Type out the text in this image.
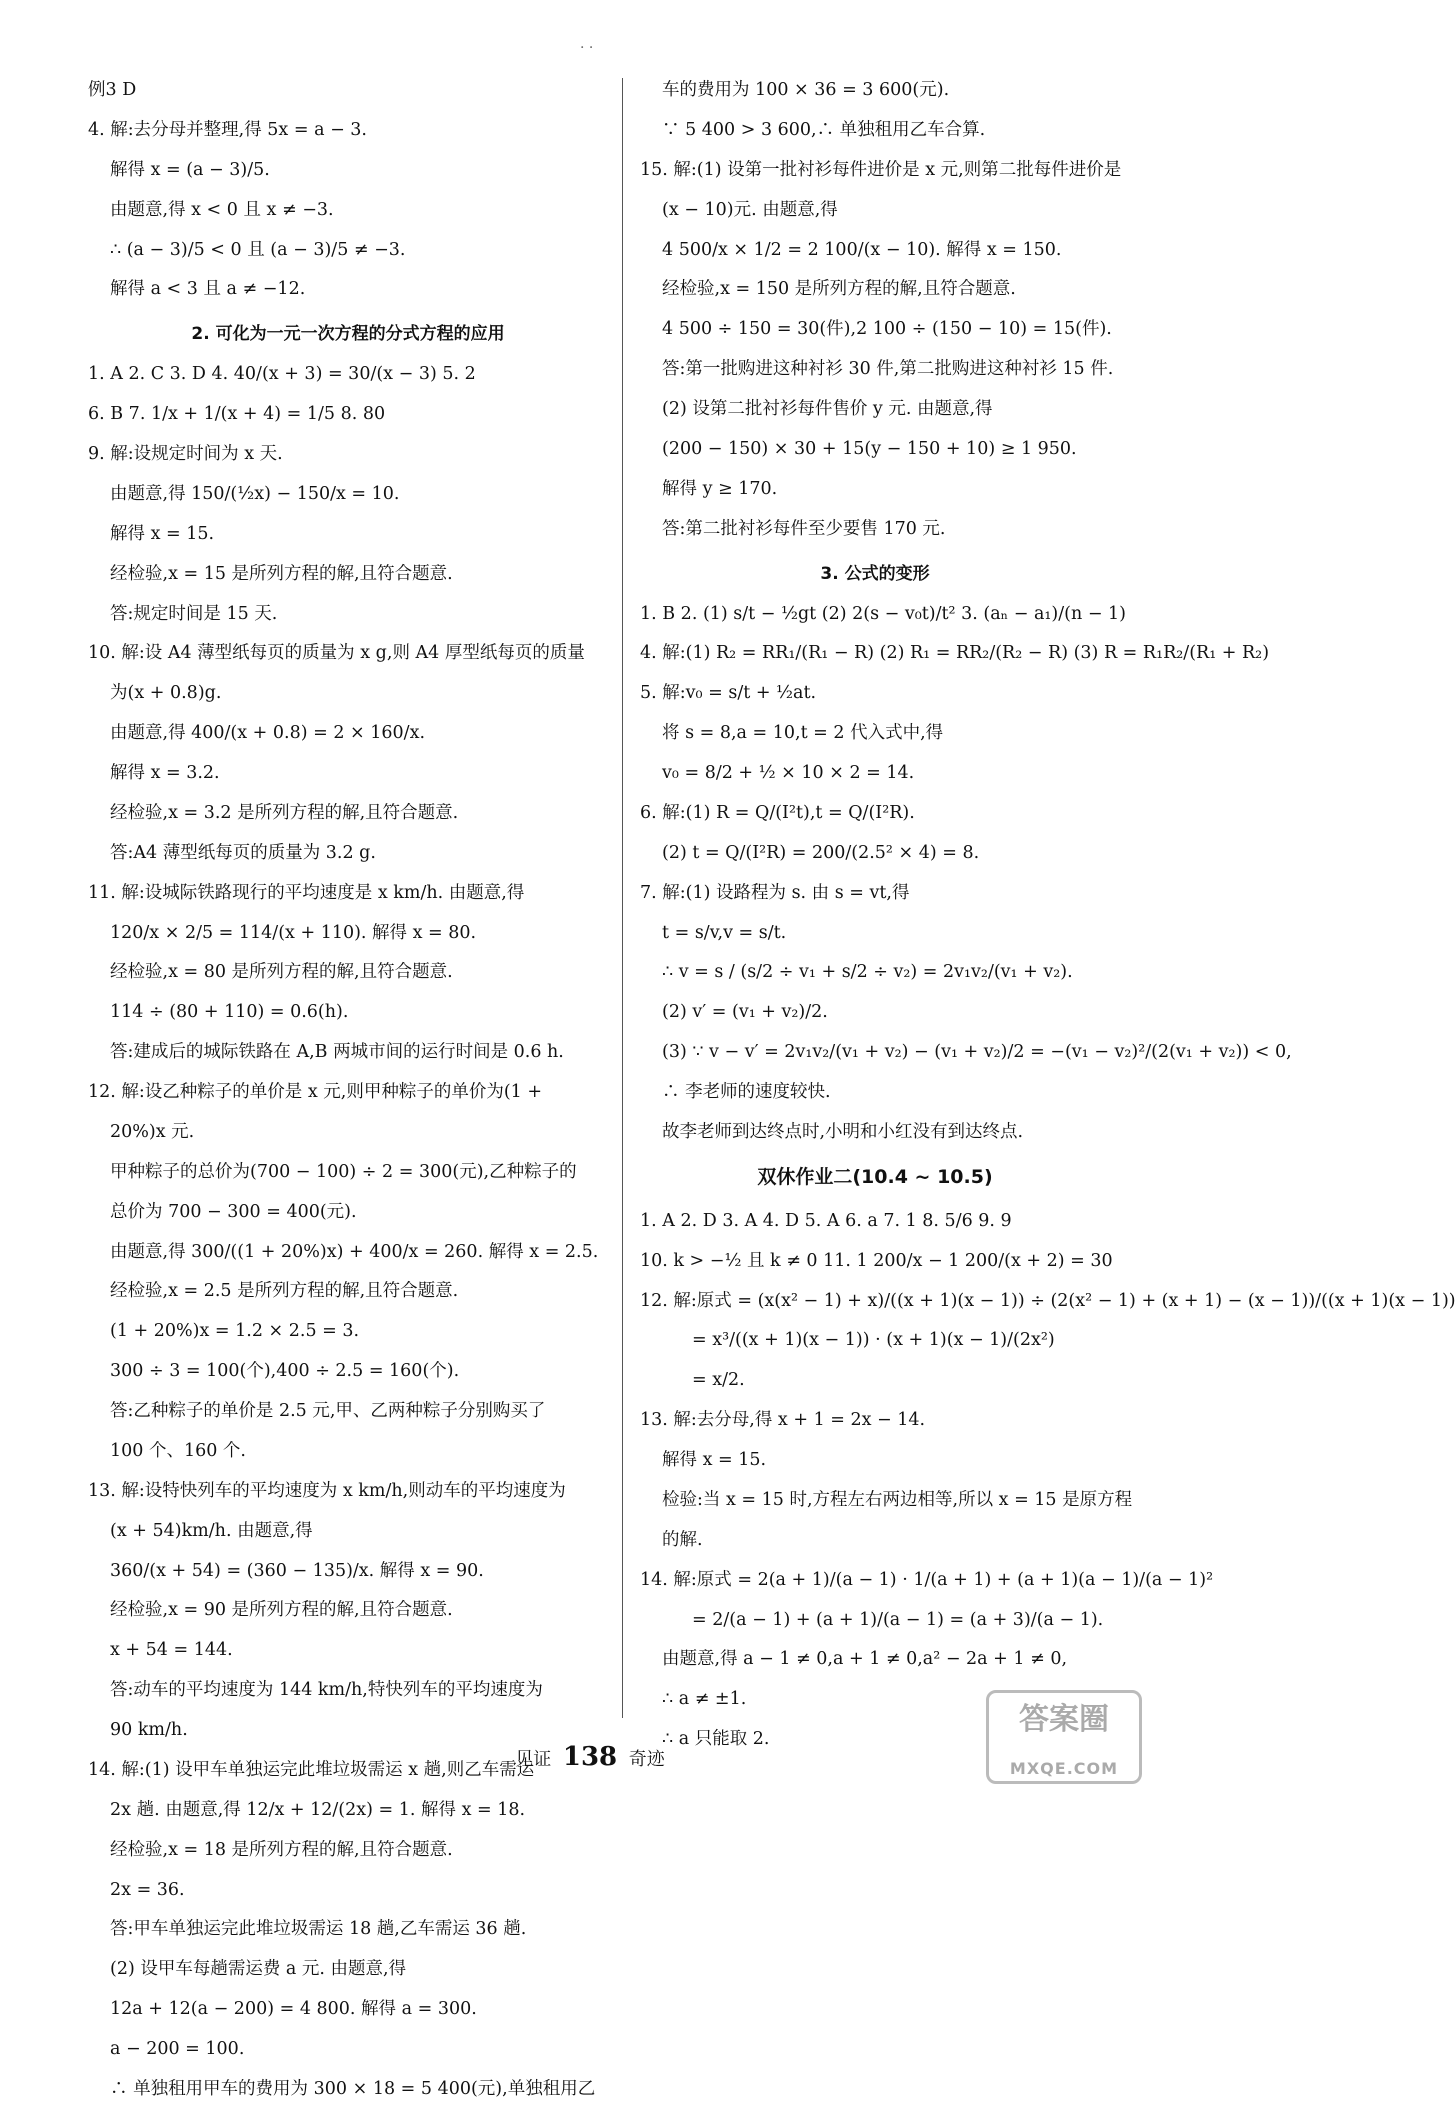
· ·
例3 D
4. 解:去分母并整理,得 5x = a − 3.
解得 x = (a − 3)/5.
由题意,得 x < 0 且 x ≠ −3.
∴ (a − 3)/5 < 0 且 (a − 3)/5 ≠ −3.
解得 a < 3 且 a ≠ −12.
2. 可化为一元一次方程的分式方程的应用
1. A 2. C 3. D 4. 40/(x + 3) = 30/(x − 3) 5. 2
6. B 7. 1/x + 1/(x + 4) = 1/5 8. 80
9. 解:设规定时间为 x 天.
由题意,得 150/(½x) − 150/x = 10.
解得 x = 15.
经检验,x = 15 是所列方程的解,且符合题意.
答:规定时间是 15 天.
10. 解:设 A4 薄型纸每页的质量为 x g,则 A4 厚型纸每页的质量
为(x + 0.8)g.
由题意,得 400/(x + 0.8) = 2 × 160/x.
解得 x = 3.2.
经检验,x = 3.2 是所列方程的解,且符合题意.
答:A4 薄型纸每页的质量为 3.2 g.
11. 解:设城际铁路现行的平均速度是 x km/h. 由题意,得
120/x × 2/5 = 114/(x + 110). 解得 x = 80.
经检验,x = 80 是所列方程的解,且符合题意.
114 ÷ (80 + 110) = 0.6(h).
答:建成后的城际铁路在 A,B 两城市间的运行时间是 0.6 h.
12. 解:设乙种粽子的单价是 x 元,则甲种粽子的单价为(1 +
20%)x 元.
甲种粽子的总价为(700 − 100) ÷ 2 = 300(元),乙种粽子的
总价为 700 − 300 = 400(元).
由题意,得 300/((1 + 20%)x) + 400/x = 260. 解得 x = 2.5.
经检验,x = 2.5 是所列方程的解,且符合题意.
(1 + 20%)x = 1.2 × 2.5 = 3.
300 ÷ 3 = 100(个),400 ÷ 2.5 = 160(个).
答:乙种粽子的单价是 2.5 元,甲、乙两种粽子分别购买了
100 个、160 个.
13. 解:设特快列车的平均速度为 x km/h,则动车的平均速度为
(x + 54)km/h. 由题意,得
360/(x + 54) = (360 − 135)/x. 解得 x = 90.
经检验,x = 90 是所列方程的解,且符合题意.
x + 54 = 144.
答:动车的平均速度为 144 km/h,特快列车的平均速度为
90 km/h.
14. 解:(1) 设甲车单独运完此堆垃圾需运 x 趟,则乙车需运
2x 趟. 由题意,得 12/x + 12/(2x) = 1. 解得 x = 18.
经检验,x = 18 是所列方程的解,且符合题意.
2x = 36.
答:甲车单独运完此堆垃圾需运 18 趟,乙车需运 36 趟.
(2) 设甲车每趟需运费 a 元. 由题意,得
12a + 12(a − 200) = 4 800. 解得 a = 300.
a − 200 = 100.
∴ 单独租用甲车的费用为 300 × 18 = 5 400(元),单独租用乙
车的费用为 100 × 36 = 3 600(元).
∵ 5 400 > 3 600,∴ 单独租用乙车合算.
15. 解:(1) 设第一批衬衫每件进价是 x 元,则第二批每件进价是
(x − 10)元. 由题意,得
4 500/x × 1/2 = 2 100/(x − 10). 解得 x = 150.
经检验,x = 150 是所列方程的解,且符合题意.
4 500 ÷ 150 = 30(件),2 100 ÷ (150 − 10) = 15(件).
答:第一批购进这种衬衫 30 件,第二批购进这种衬衫 15 件.
(2) 设第二批衬衫每件售价 y 元. 由题意,得
(200 − 150) × 30 + 15(y − 150 + 10) ≥ 1 950.
解得 y ≥ 170.
答:第二批衬衫每件至少要售 170 元.
3. 公式的变形
1. B 2. (1) s/t − ½gt (2) 2(s − v₀t)/t² 3. (aₙ − a₁)/(n − 1)
4. 解:(1) R₂ = RR₁/(R₁ − R) (2) R₁ = RR₂/(R₂ − R) (3) R = R₁R₂/(R₁ + R₂)
5. 解:v₀ = s/t + ½at.
将 s = 8,a = 10,t = 2 代入式中,得
v₀ = 8/2 + ½ × 10 × 2 = 14.
6. 解:(1) R = Q/(I²t),t = Q/(I²R).
(2) t = Q/(I²R) = 200/(2.5² × 4) = 8.
7. 解:(1) 设路程为 s. 由 s = vt,得
t = s/v,v = s/t.
∴ v = s / (s/2 ÷ v₁ + s/2 ÷ v₂) = 2v₁v₂/(v₁ + v₂).
(2) v′ = (v₁ + v₂)/2.
(3) ∵ v − v′ = 2v₁v₂/(v₁ + v₂) − (v₁ + v₂)/2 = −(v₁ − v₂)²/(2(v₁ + v₂)) < 0,
∴ 李老师的速度较快.
故李老师到达终点时,小明和小红没有到达终点.
双休作业二(10.4 ~ 10.5)
1. A 2. D 3. A 4. D 5. A 6. a 7. 1 8. 5/6 9. 9
10. k > −½ 且 k ≠ 0 11. 1 200/x − 1 200/(x + 2) = 30
12. 解:原式 = (x(x² − 1) + x)/((x + 1)(x − 1)) ÷ (2(x² − 1) + (x + 1) − (x − 1))/((x + 1)(x − 1))
= x³/((x + 1)(x − 1)) · (x + 1)(x − 1)/(2x²)
= x/2.
13. 解:去分母,得 x + 1 = 2x − 14.
解得 x = 15.
检验:当 x = 15 时,方程左右两边相等,所以 x = 15 是原方程
的解.
14. 解:原式 = 2(a + 1)/(a − 1) · 1/(a + 1) + (a + 1)(a − 1)/(a − 1)²
= 2/(a − 1) + (a + 1)/(a − 1) = (a + 3)/(a − 1).
由题意,得 a − 1 ≠ 0,a + 1 ≠ 0,a² − 2a + 1 ≠ 0,
∴ a ≠ ±1.
∴ a 只能取 2.
见证 138 奇迹
答案圈
MXQE.COM
